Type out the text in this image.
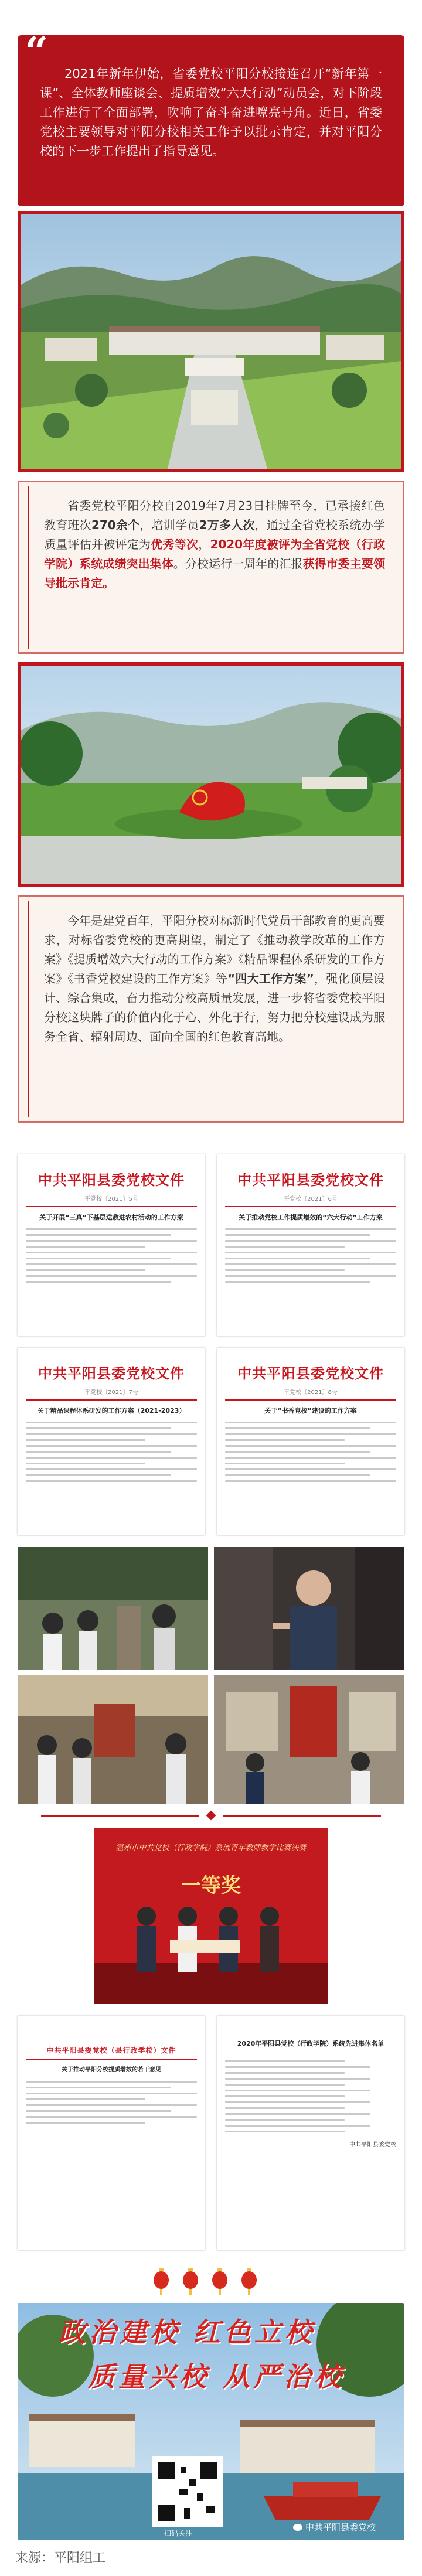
“	2021年新年伊始，省委党校平阳分校接连召开“新年第一课”、全体教师座谈会、提质增效“六大行动”动员会，对下阶段工作进行了全面部署，吹响了奋斗奋进嘹亮号角。近日，省委党校主要领导对平阳分校相关工作予以批示肯定，并对平阳分校的下一步工作提出了指导意见。

省委党校平阳分校自2019年7月23日挂牌至今，已承接红色教育班次270余个，培训学员2万多人次，通过全省党校系统办学质量评估并被评定为优秀等次，2020年度被评为全省党校（行政学院）系统成绩突出集体。分校运行一周年的汇报获得市委主要领导批示肯定。

今年是建党百年，平阳分校对标新时代党员干部教育的更高要求，对标省委党校的更高期望，制定了《推动教学改革的工作方案》《提质增效六大行动的工作方案》《精品课程体系研发的工作方案》《书香党校建设的工作方案》等“四大工作方案”，强化顶层设计、综合集成，奋力推动分校高质量发展，进一步将省委党校平阳分校这块牌子的价值内化于心、外化于行，努力把分校建设成为服务全省、辐射周边、面向全国的红色教育高地。

中共平阳县委党校文件
平党校〔2021〕5号
关于开展“三真”下基层送教进农村活动的工作方案
中共平阳县委党校文件
平党校〔2021〕6号
关于推动党校工作提质增效的“六大行动”工作方案
中共平阳县委党校文件
平党校〔2021〕7号
关于精品课程体系研发的工作方案（2021-2023）
中共平阳县委党校文件
平党校〔2021〕8号
关于“书香党校”建设的工作方案
温州市中共党校（行政学院）系统青年教师教学比赛决赛
一等奖
中共平阳县委党校（县行政学校）文件
关于推动平阳分校提质增效的若干意见
2020年平阳县党校（行政学院）系统先进集体名单
中共平阳县委党校
政治建校 红色立校
质量兴校 从严治校
扫码关注
中共平阳县委党校
来源：平阳组工
